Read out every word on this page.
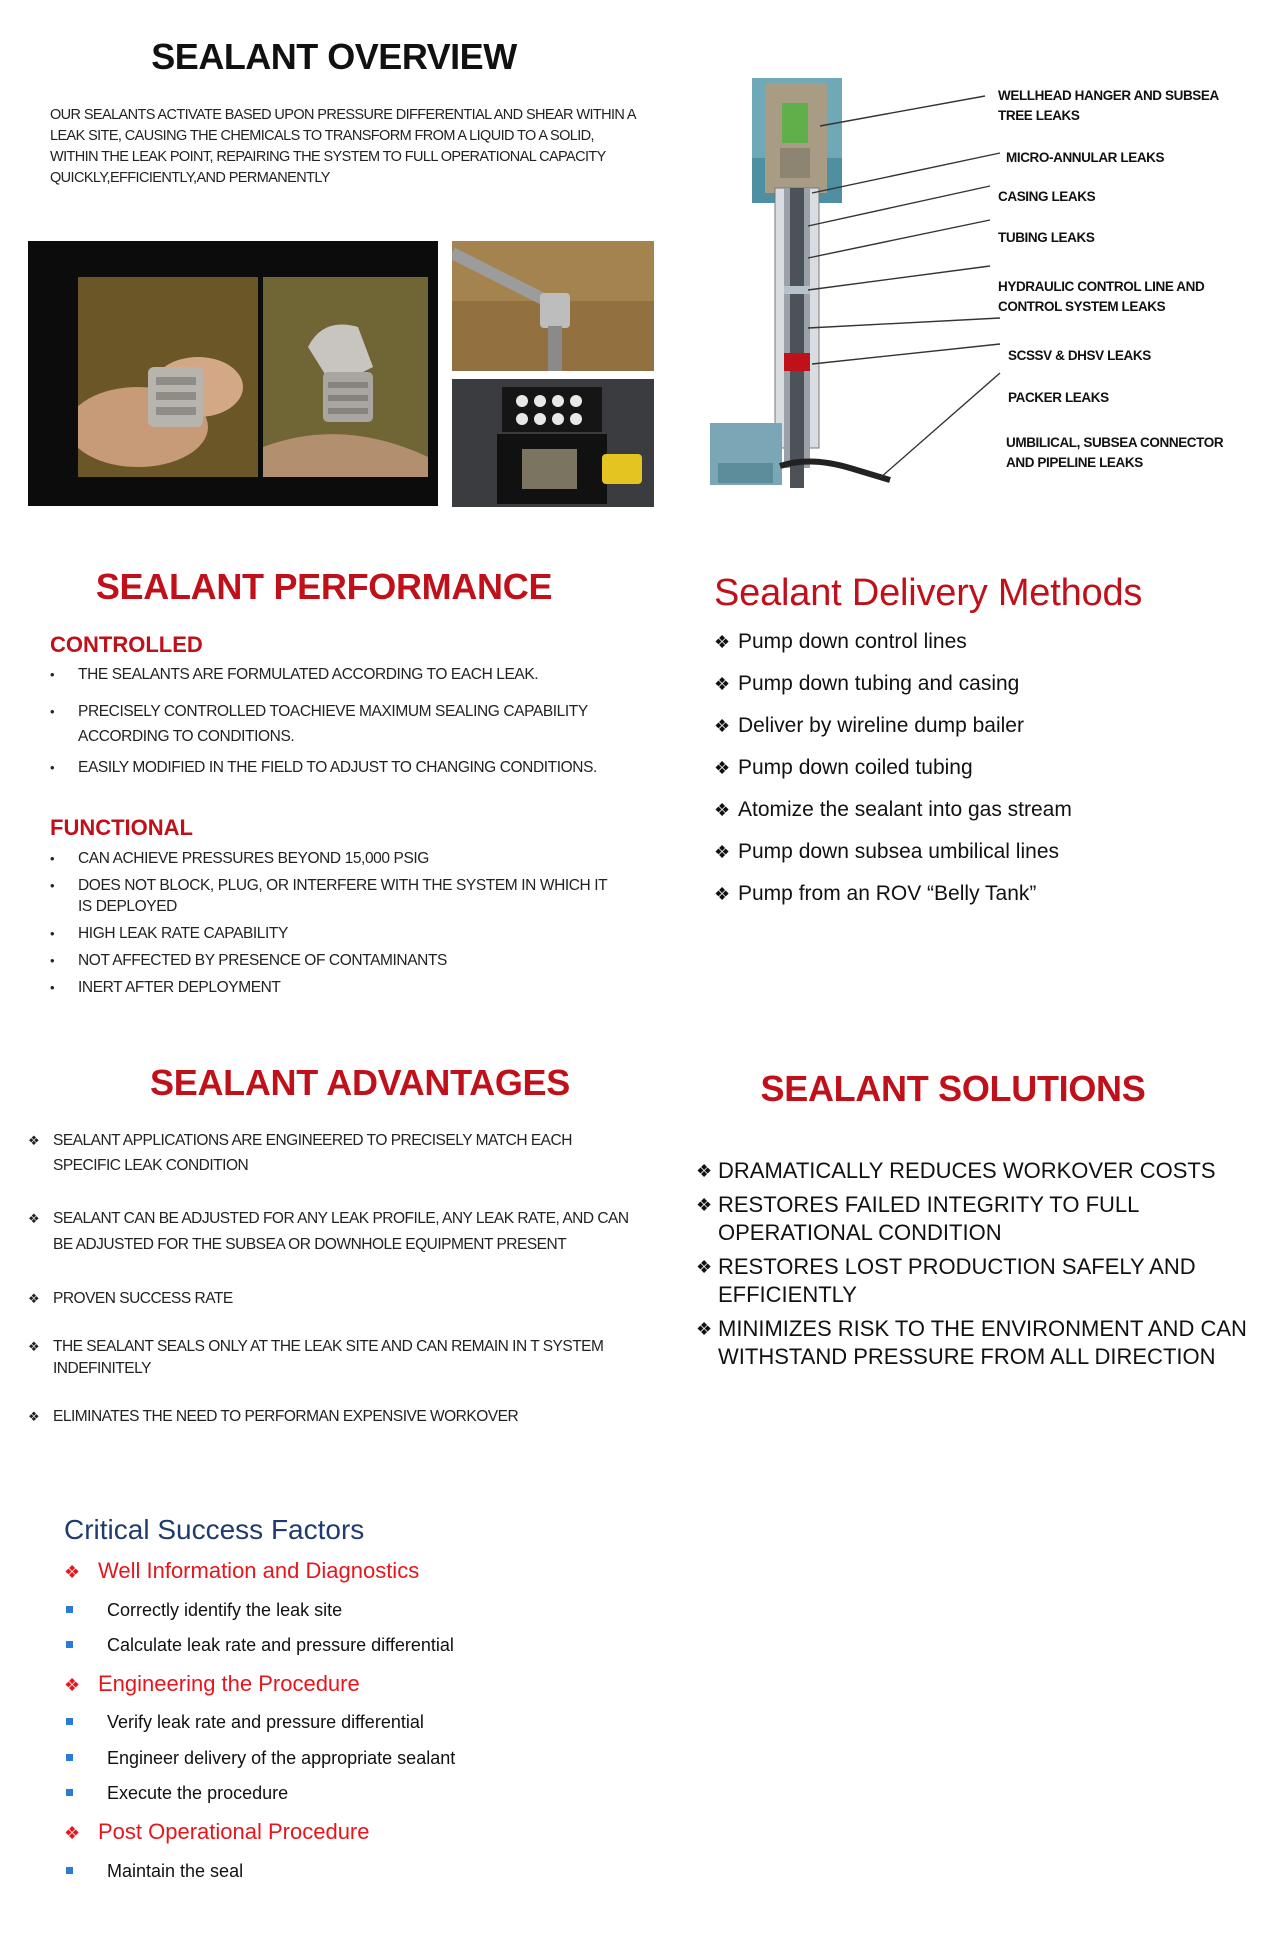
SEALANT OVERVIEW
OUR SEALANTS ACTIVATE BASED UPON PRESSURE DIFFERENTIAL AND SHEAR WITHIN A LEAK SITE, CAUSING THE CHEMICALS TO TRANSFORM FROM A LIQUID TO A SOLID, WITHIN THE LEAK POINT, REPAIRING THE SYSTEM TO FULL OPERATIONAL CAPACITY QUICKLY,EFFICIENTLY,AND PERMANENTLY
WELLHEAD HANGER AND SUBSEA TREE LEAKS
MICRO-ANNULAR LEAKS
CASING LEAKS
TUBING LEAKS
HYDRAULIC CONTROL LINE AND CONTROL SYSTEM LEAKS
SCSSV & DHSV LEAKS
PACKER LEAKS
UMBILICAL, SUBSEA CONNECTOR AND PIPELINE LEAKS
SEALANT PERFORMANCE
CONTROLLED
• THE SEALANTS ARE FORMULATED ACCORDING TO EACH LEAK.
• PRECISELY CONTROLLED TOACHIEVE MAXIMUM SEALING CAPABILITY ACCORDING TO CONDITIONS.
• EASILY MODIFIED IN THE FIELD TO ADJUST TO CHANGING CONDITIONS.
FUNCTIONAL
• CAN ACHIEVE PRESSURES BEYOND 15,000 PSIG
• DOES NOT BLOCK, PLUG, OR INTERFERE WITH THE SYSTEM IN WHICH IT IS DEPLOYED
• HIGH LEAK RATE CAPABILITY
• NOT AFFECTED BY PRESENCE OF CONTAMINANTS
• INERT AFTER DEPLOYMENT
Sealant Delivery Methods
❖ Pump down control lines
❖ Pump down tubing and casing
❖ Deliver by wireline dump bailer
❖ Pump down coiled tubing
❖ Atomize the sealant into gas stream
❖ Pump down subsea umbilical lines
❖ Pump from an ROV “Belly Tank”
SEALANT ADVANTAGES
❖ SEALANT APPLICATIONS ARE ENGINEERED TO PRECISELY MATCH EACH SPECIFIC LEAK CONDITION
❖ SEALANT CAN BE ADJUSTED FOR ANY LEAK PROFILE, ANY LEAK RATE, AND CAN BE ADJUSTED FOR THE SUBSEA OR DOWNHOLE EQUIPMENT PRESENT
❖ PROVEN SUCCESS RATE
❖ THE SEALANT SEALS ONLY AT THE LEAK SITE AND CAN REMAIN IN T SYSTEM INDEFINITELY
❖ ELIMINATES THE NEED TO PERFORMAN EXPENSIVE WORKOVER
SEALANT SOLUTIONS
❖ DRAMATICALLY REDUCES WORKOVER COSTS
❖ RESTORES FAILED INTEGRITY TO FULL OPERATIONAL CONDITION
❖ RESTORES LOST PRODUCTION SAFELY AND EFFICIENTLY
❖ MINIMIZES RISK TO THE ENVIRONMENT AND CAN WITHSTAND PRESSURE FROM ALL DIRECTION
Critical Success Factors
❖ Well Information and Diagnostics
Correctly identify the leak site
Calculate leak rate and pressure differential
❖ Engineering the Procedure
Verify leak rate and pressure differential
Engineer delivery of the appropriate sealant
Execute the procedure
❖ Post Operational Procedure
Maintain the seal
